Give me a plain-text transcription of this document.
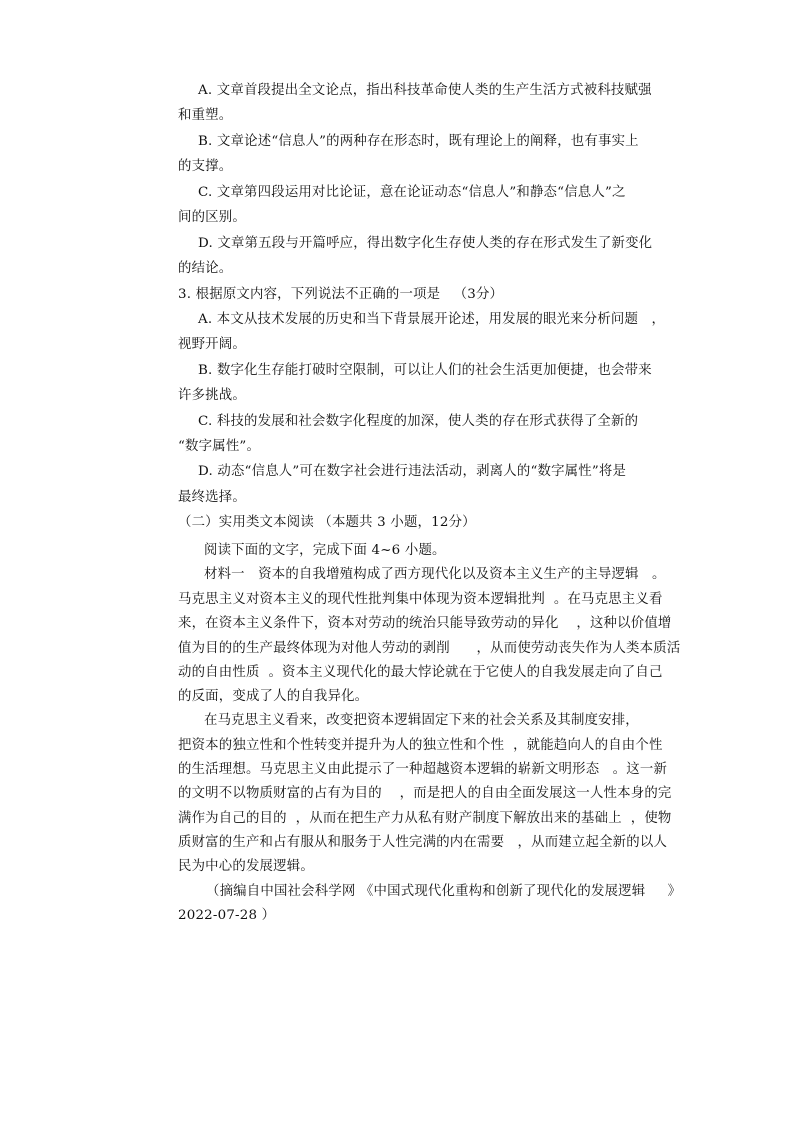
A. 文章首段提出全文论点，指出科技革命使人类的生产生活方式被科技赋强
和重塑。
B. 文章论述“信息人”的两种存在形态时，既有理论上的阐释，也有事实上
的支撑。
C. 文章第四段运用对比论证，意在论证动态“信息人”和静态“信息人”之
间的区别。
D. 文章第五段与开篇呼应，得出数字化生存使人类的存在形式发生了新变化
的结论。
3. 根据原文内容，下列说法不正确的一项是   （3分）
A. 本文从技术发展的历史和当下背景展开论述，用发展的眼光来分析问题   ，
视野开阔。
B. 数字化生存能打破时空限制，可以让人们的社会生活更加便捷，也会带来
许多挑战。
C. 科技的发展和社会数字化程度的加深，使人类的存在形式获得了全新的
“数字属性”。
D. 动态“信息人”可在数字社会进行违法活动，剥离人的“数字属性”将是
最终选择。
（二）实用类文本阅读 （本题共 3 小题，12分）
阅读下面的文字，完成下面 4~6 小题。
材料一   资本的自我增殖构成了西方现代化以及资本主义生产的主导逻辑   。
马克思主义对资本主义的现代性批判集中体现为资本逻辑批判  。在马克思主义看
来，在资本主义条件下，资本对劳动的统治只能导致劳动的异化    ，这种以价值增
值为目的的生产最终体现为对他人劳动的剥削      ，从而使劳动丧失作为人类本质活
动的自由性质  。资本主义现代化的最大悖论就在于它使人的自我发展走向了自己
的反面，变成了人的自我异化。
在马克思主义看来，改变把资本逻辑固定下来的社会关系及其制度安排，
把资本的独立性和个性转变并提升为人的独立性和个性  ，就能趋向人的自由个性
的生活理想。马克思主义由此提示了一种超越资本逻辑的崭新文明形态   。这一新
的文明不以物质财富的占有为目的    ，而是把人的自由全面发展这一人性本身的完
满作为自己的目的  ，从而在把生产力从私有财产制度下解放出来的基础上  ，使物
质财富的生产和占有服从和服务于人性完满的内在需要   ，从而建立起全新的以人
民为中心的发展逻辑。
（摘编自中国社会科学网 《中国式现代化重构和创新了现代化的发展逻辑     》
2022-07-28 ）
